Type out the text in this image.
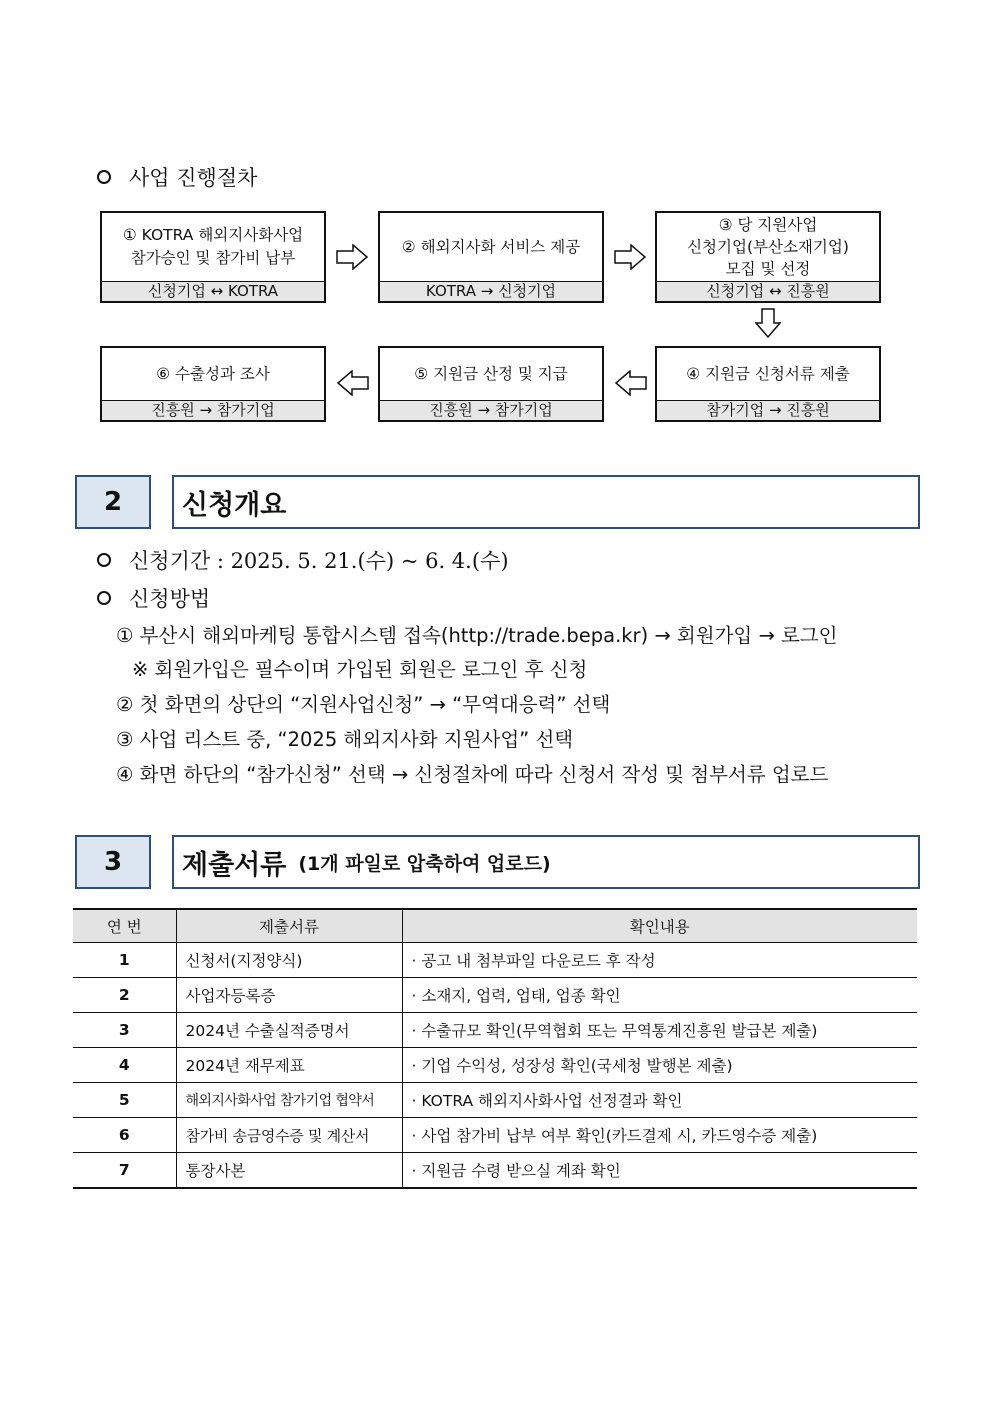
사업 진행절차
① KOTRA 해외지사화사업
참가승인 및 참가비 납부
신청기업 ↔ KOTRA
② 해외지사화 서비스 제공
KOTRA → 신청기업
③ 당 지원사업
신청기업(부산소재기업)
모집 및 선정
신청기업 ↔ 진흥원
⑥ 수출성과 조사
진흥원 → 참가기업
⑤ 지원금 산정 및 지급
진흥원 → 참가기업
④ 지원금 신청서류 제출
참가기업 → 진흥원
2	신청개요
신청기간 : 2025. 5. 21.(수) ~ 6. 4.(수)
신청방법
① 부산시 해외마케팅 통합시스템 접속(http://trade.bepa.kr) → 회원가입 → 로그인
※ 회원가입은 필수이며 가입된 회원은 로그인 후 신청
② 첫 화면의 상단의 “지원사업신청” → “무역대응력” 선택
③ 사업 리스트 중, “2025 해외지사화 지원사업” 선택
④ 화면 하단의 “참가신청” 선택 → 신청절차에 따라 신청서 작성 및 첨부서류 업로드
3	제출서류 (1개 파일로 압축하여 업로드)
연 번	제출서류	확인내용
1	신청서(지정양식)	· 공고 내 첨부파일 다운로드 후 작성
2	사업자등록증	· 소재지, 업력, 업태, 업종 확인
3	2024년 수출실적증명서	· 수출규모 확인(무역협회 또는 무역통계진흥원 발급본 제출)
4	2024년 재무제표	· 기업 수익성, 성장성 확인(국세청 발행본 제출)
5	해외지사화사업 참가기업 협약서	· KOTRA 해외지사화사업 선정결과 확인
6	참가비 송금영수증 및 계산서	· 사업 참가비 납부 여부 확인(카드결제 시, 카드영수증 제출)
7	통장사본	· 지원금 수령 받으실 계좌 확인
